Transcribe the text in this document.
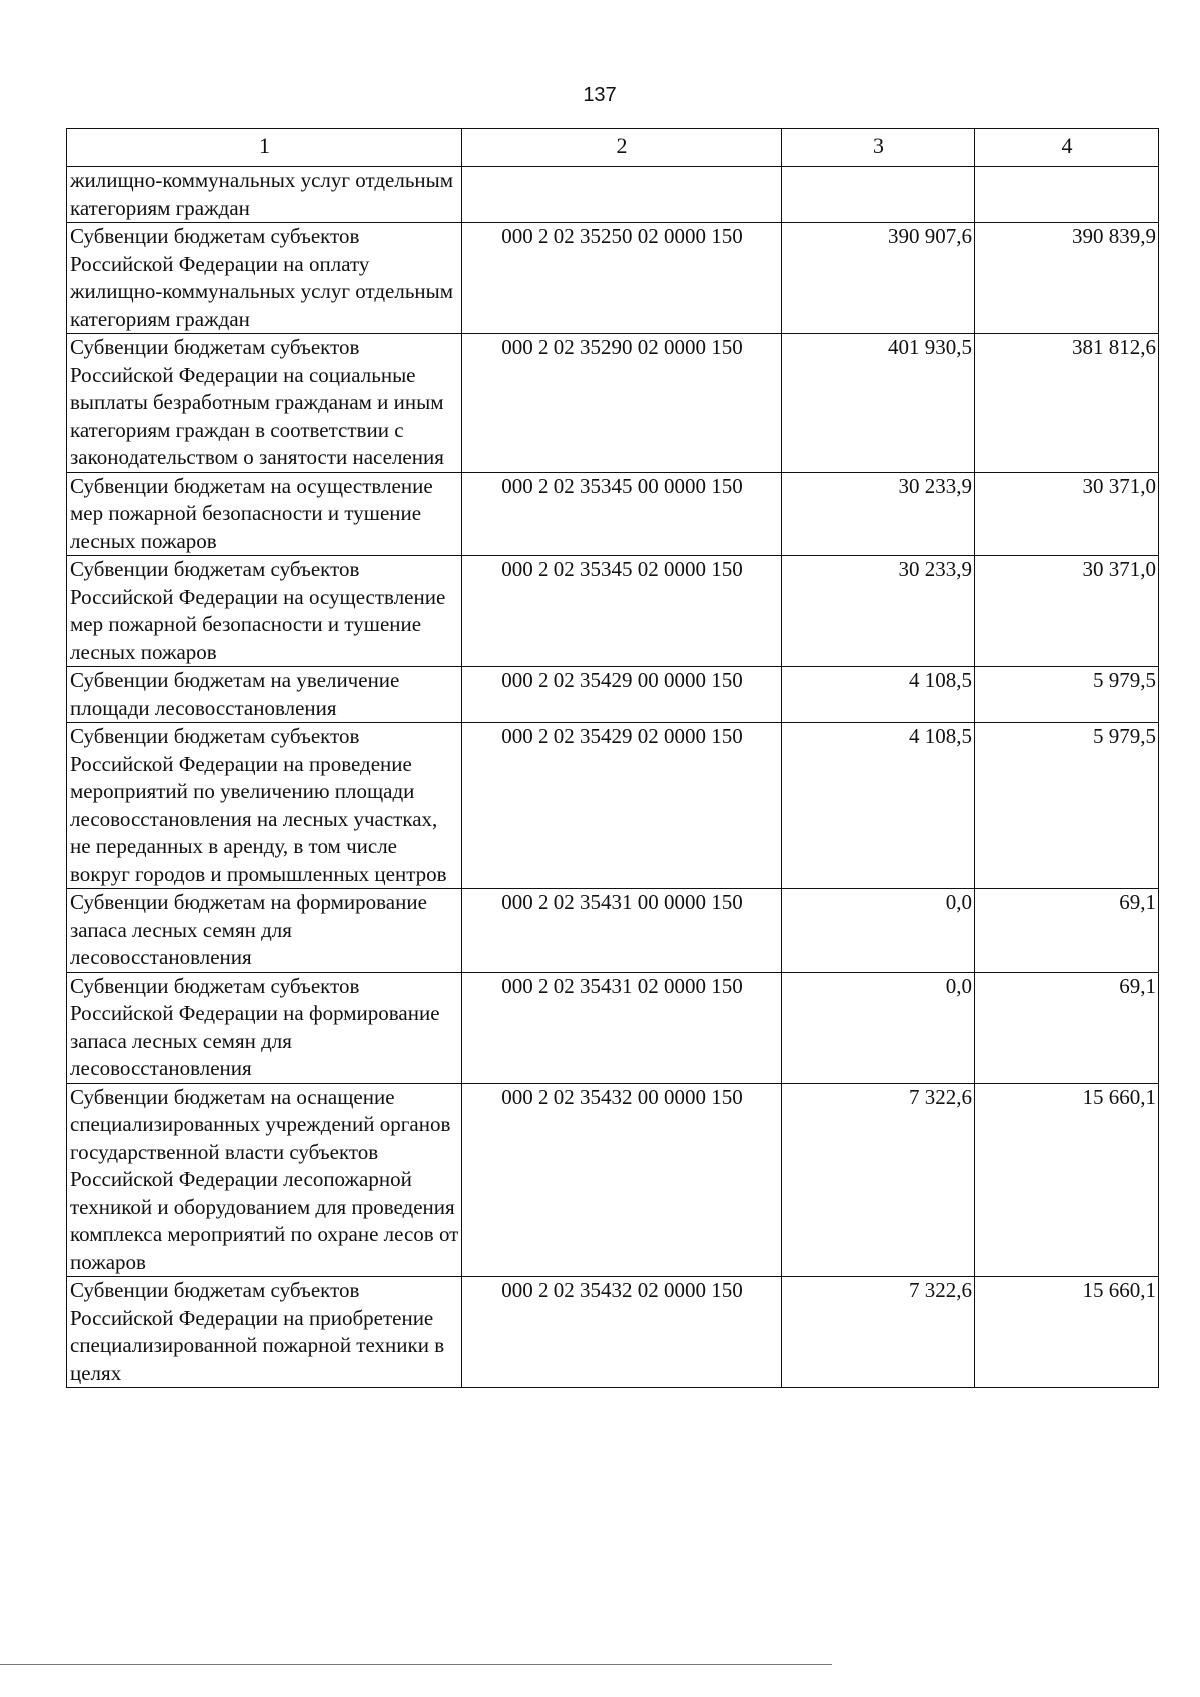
137
1	2	3	4
жилищно-коммунальных услуг отдельным категориям граждан			
Субвенции бюджетам субъектов Российской Федерации на оплату жилищно-коммунальных услуг отдельным категориям граждан	000 2 02 35250 02 0000 150	390 907,6	390 839,9
Субвенции бюджетам субъектов Российской Федерации на социальные выплаты безработным гражданам и иным категориям граждан в соответствии с законодательством о занятости населения	000 2 02 35290 02 0000 150	401 930,5	381 812,6
Субвенции бюджетам на осуществление мер пожарной безопасности и тушение лесных пожаров	000 2 02 35345 00 0000 150	30 233,9	30 371,0
Субвенции бюджетам субъектов Российской Федерации на осуществление мер пожарной безопасности и тушение лесных пожаров	000 2 02 35345 02 0000 150	30 233,9	30 371,0
Субвенции бюджетам на увеличение площади лесовосстановления	000 2 02 35429 00 0000 150	4 108,5	5 979,5
Субвенции бюджетам субъектов Российской Федерации на проведение мероприятий по увеличению площади лесовосстановления на лесных участках, не переданных в аренду, в том числе вокруг городов и промышленных центров	000 2 02 35429 02 0000 150	4 108,5	5 979,5
Субвенции бюджетам на формирование запаса лесных семян для лесовосстановления	000 2 02 35431 00 0000 150	0,0	69,1
Субвенции бюджетам субъектов Российской Федерации на формирование запаса лесных семян для лесовосстановления	000 2 02 35431 02 0000 150	0,0	69,1
Субвенции бюджетам на оснащение специализированных учреждений органов государственной власти субъектов Российской Федерации лесопожарной техникой и оборудованием для проведения комплекса мероприятий по охране лесов от пожаров	000 2 02 35432 00 0000 150	7 322,6	15 660,1
Субвенции бюджетам субъектов Российской Федерации на приобретение специализированной пожарной техники в целях	000 2 02 35432 02 0000 150	7 322,6	15 660,1
